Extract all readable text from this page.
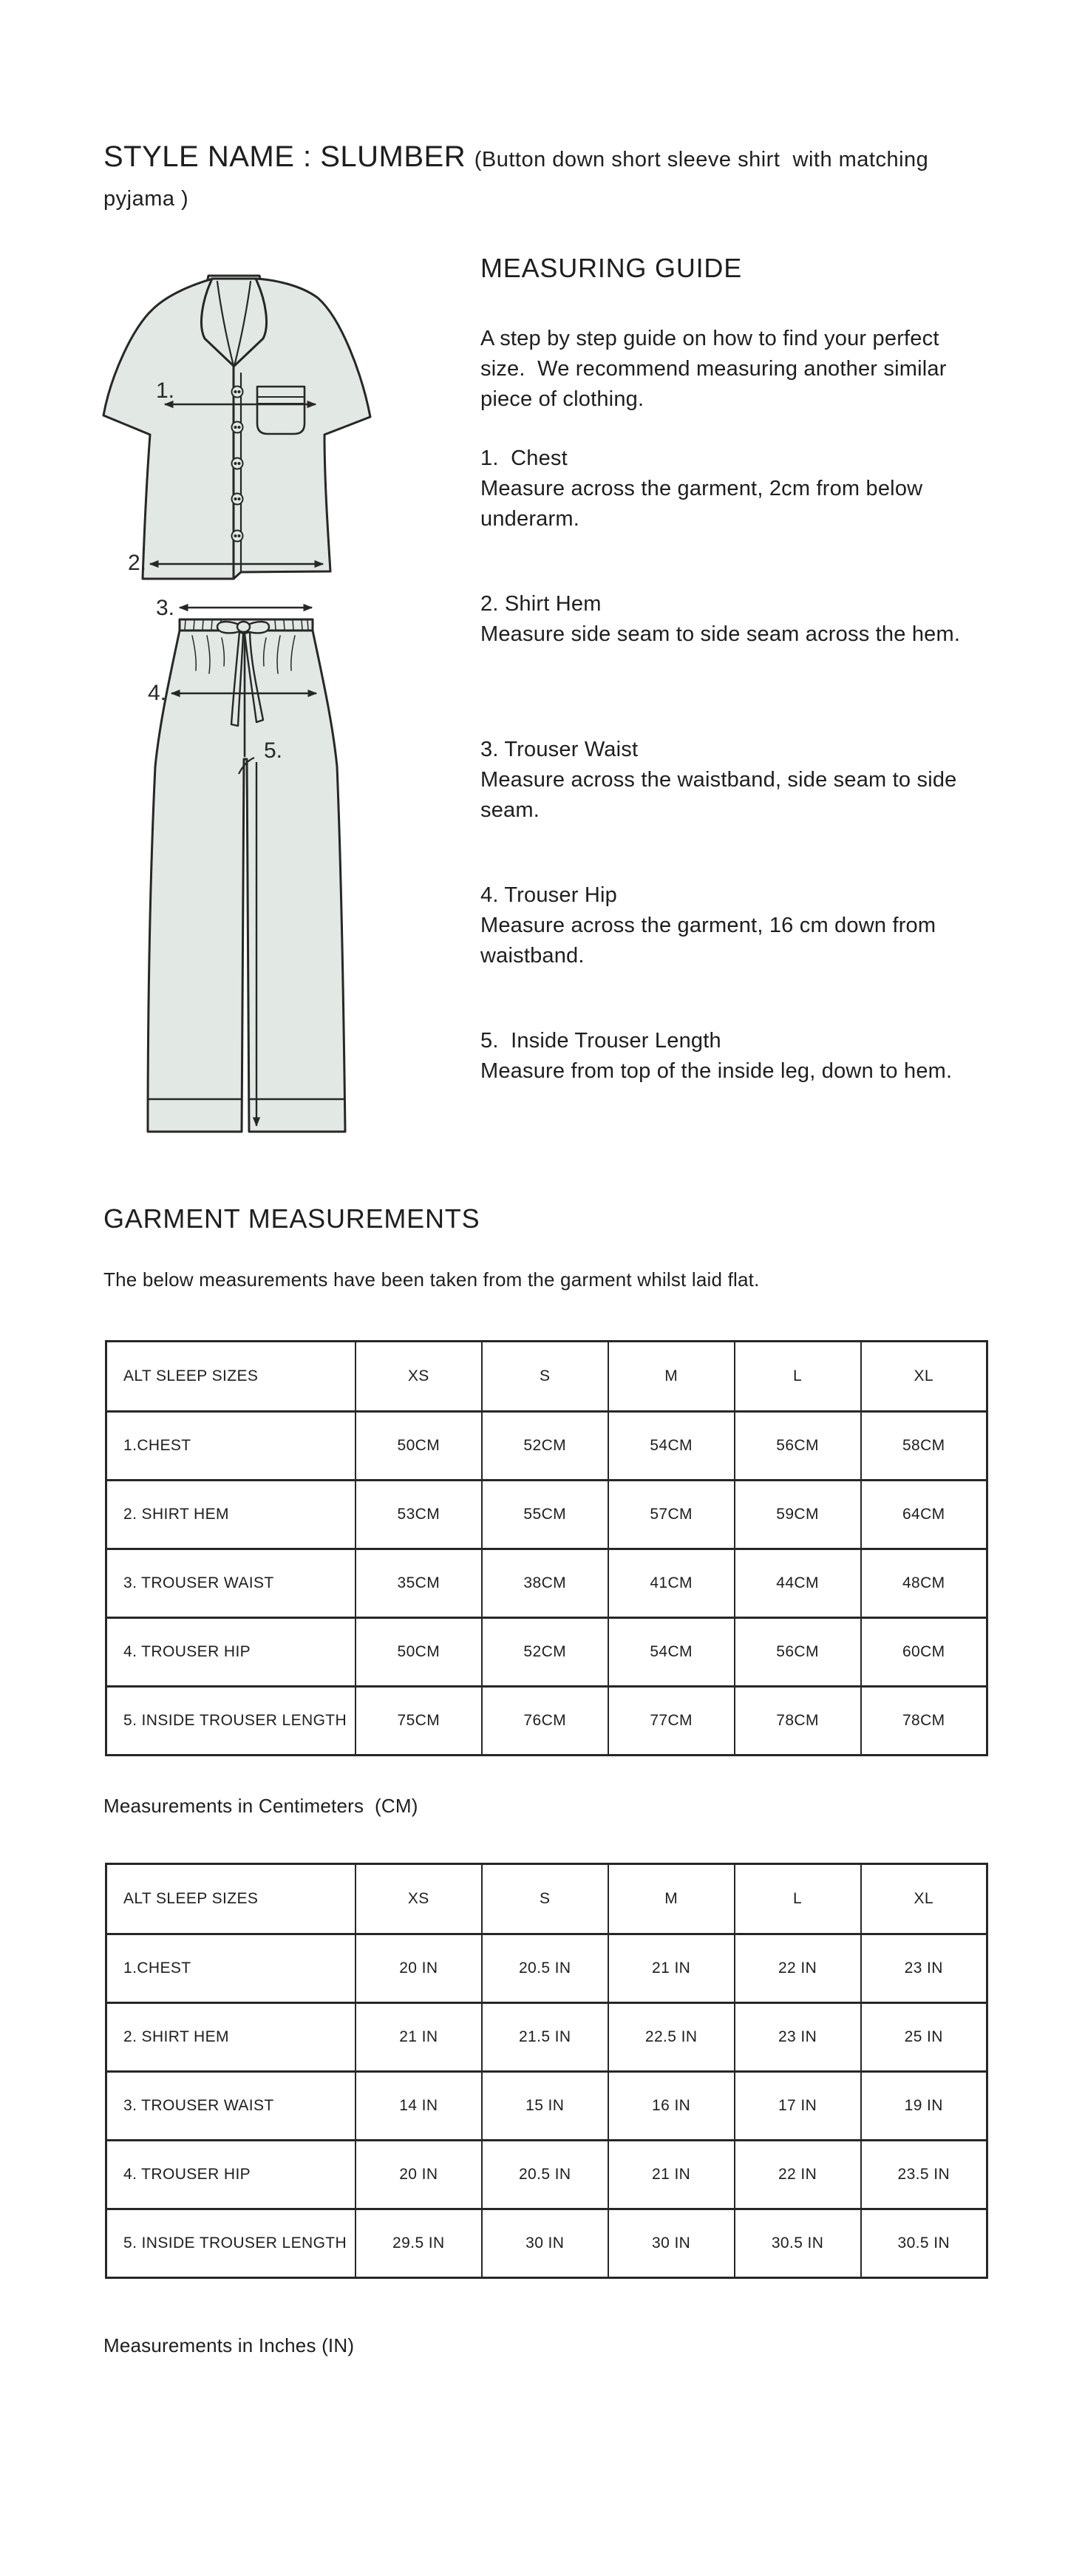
STYLE NAME : SLUMBER (Button down short sleeve shirt  with matching pyjama )
1.
2.
3.
4.
5.
MEASURING GUIDE
A step by step guide on how to find your perfect size.  We recommend measuring another similar piece of clothing.
1.  Chest
Measure across the garment, 2cm from below underarm.
2. Shirt Hem
Measure side seam to side seam across the hem.
3. Trouser Waist
Measure across the waistband, side seam to side seam.
4. Trouser Hip
Measure across the garment, 16 cm down from waistband.
5.  Inside Trouser Length
Measure from top of the inside leg, down to hem.
GARMENT MEASUREMENTS
The below measurements have been taken from the garment whilst laid flat.
ALT SLEEP SIZES	XS	S	M	L	XL
1.CHEST	50CM	52CM	54CM	56CM	58CM
2. SHIRT HEM	53CM	55CM	57CM	59CM	64CM
3. TROUSER WAIST	35CM	38CM	41CM	44CM	48CM
4. TROUSER HIP	50CM	52CM	54CM	56CM	60CM
5. INSIDE TROUSER LENGTH	75CM	76CM	77CM	78CM	78CM
Measurements in Centimeters  (CM)
ALT SLEEP SIZES	XS	S	M	L	XL
1.CHEST	20 IN	20.5 IN	21 IN	22 IN	23 IN
2. SHIRT HEM	21 IN	21.5 IN	22.5 IN	23 IN	25 IN
3. TROUSER WAIST	14 IN	15 IN	16 IN	17 IN	19 IN
4. TROUSER HIP	20 IN	20.5 IN	21 IN	22 IN	23.5 IN
5. INSIDE TROUSER LENGTH	29.5 IN	30 IN	30 IN	30.5 IN	30.5 IN
Measurements in Inches (IN)
